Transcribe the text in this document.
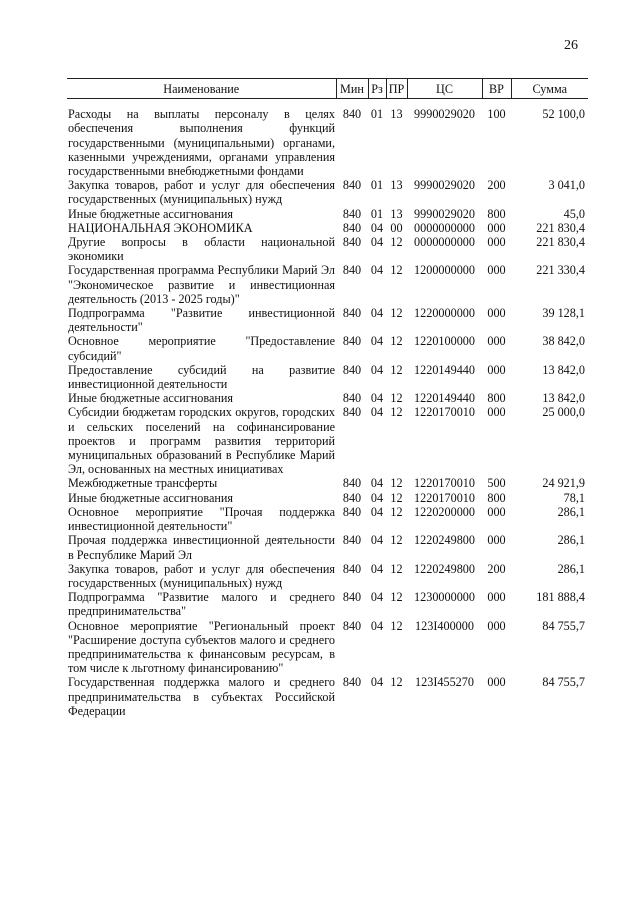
26
Наименование	Мин	Рз	ПР	ЦС	ВР	Сумма
Расходы на выплаты персоналу в целях обеспечения выполнения функций государственными (муниципальными) органами, казенными учреждениями, органами управления государственными внебюджетными фондами	840	01	13	9990029020	100	52 100,0
Закупка товаров, работ и услуг для обеспечения государственных (муниципальных) нужд	840	01	13	9990029020	200	3 041,0
Иные бюджетные ассигнования	840	01	13	9990029020	800	45,0
НАЦИОНАЛЬНАЯ ЭКОНОМИКА	840	04	00	0000000000	000	221 830,4
Другие вопросы в области национальной экономики	840	04	12	0000000000	000	221 830,4
Государственная программа Республики Марий Эл "Экономическое развитие и инвестиционная деятельность (2013 - 2025 годы)"	840	04	12	1200000000	000	221 330,4
Подпрограмма "Развитие инвестиционной деятельности"	840	04	12	1220000000	000	39 128,1
Основное мероприятие "Предоставление субсидий"	840	04	12	1220100000	000	38 842,0
Предоставление субсидий на развитие инвестиционной деятельности	840	04	12	1220149440	000	13 842,0
Иные бюджетные ассигнования	840	04	12	1220149440	800	13 842,0
Субсидии бюджетам городских округов, городских и сельских поселений на софинансирование проектов и программ развития территорий муниципальных образований в Республике Марий Эл, основанных на местных инициативах	840	04	12	1220170010	000	25 000,0
Межбюджетные трансферты	840	04	12	1220170010	500	24 921,9
Иные бюджетные ассигнования	840	04	12	1220170010	800	78,1
Основное мероприятие "Прочая поддержка инвестиционной деятельности"	840	04	12	1220200000	000	286,1
Прочая поддержка инвестиционной деятельности в Республике Марий Эл	840	04	12	1220249800	000	286,1
Закупка товаров, работ и услуг для обеспечения государственных (муниципальных) нужд	840	04	12	1220249800	200	286,1
Подпрограмма "Развитие малого и среднего предпринимательства"	840	04	12	1230000000	000	181 888,4
Основное мероприятие "Региональный проект "Расширение доступа субъектов малого и среднего предпринимательства к финансовым ресурсам, в том числе к льготному финансированию"	840	04	12	123I400000	000	84 755,7
Государственная поддержка малого и среднего предпринимательства в субъектах Российской Федерации	840	04	12	123I455270	000	84 755,7
